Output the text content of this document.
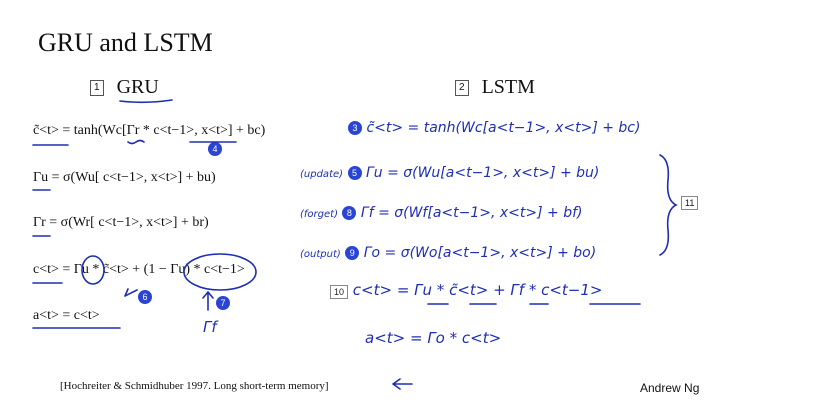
GRU and LSTM
1 GRU	2 LSTM
c̃<t> = tanh(Wc[Γr * c<t−1>, x<t>] + bc)
Γu = σ(Wu[ c<t−1>, x<t>] + bu)
Γr = σ(Wr[ c<t−1>, x<t>] + br)
c<t> = Γu * c̃<t> + (1 − Γu) * c<t−1>
a<t> = c<t>
4
6
7
Γf
3 c̃<t> = tanh(Wc[a<t−1>, x<t>] + bc)
(update) 5 Γu = σ(Wu[a<t−1>, x<t>] + bu)
(forget) 8 Γf = σ(Wf[a<t−1>, x<t>] + bf)
(output) 9 Γo = σ(Wo[a<t−1>, x<t>] + bo)
11
10 c<t> = Γu * c̃<t> + Γf * c<t−1>
a<t> = Γo * c<t>
[Hochreiter & Schmidhuber 1997. Long short-term memory]	Andrew Ng
